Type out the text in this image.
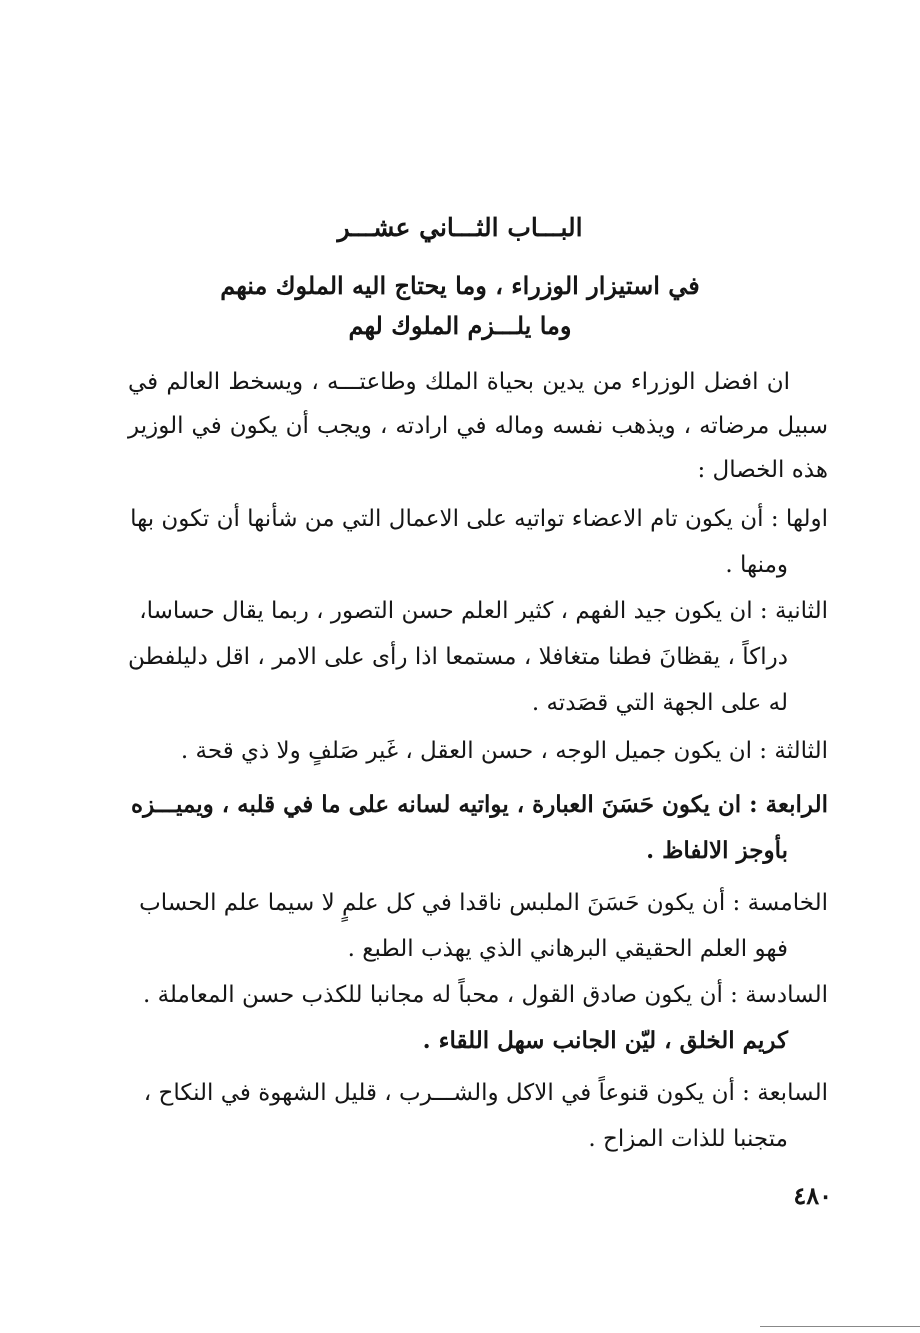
البـــاب الثـــاني عشـــر
في استيزار الوزراء ، وما يحتاج اليه الملوك منهم
وما يلـــزم الملوك لهم
ان افضل الوزراء من يدين بحياة الملك وطاعتـــه ، ويسخط العالم في سبيل مرضاته ، ويذهب نفسه وماله في ارادته ، ويجب أن يكون في الوزير هذه الخصال :
اولها : أن يكون تام الاعضاء تواتيه على الاعمال التي من شأنها أن تكون بها
ومنها .
الثانية : ان يكون جيد الفهم ، كثير العلم حسن التصور ، ربما يقال حساسا،
دراكاً ، يقظانَ فطنا متغافلا ، مستمعا اذا رأى على الامر ، اقل دليلفطن له على الجهة التي قصَدته .
الثالثة : ان يكون جميل الوجه ، حسن العقل ، غَير صَلفٍ ولا ذي قحة .
الرابعة : ان يكون حَسَنَ العبارة ، يواتيه لسانه على ما في قلبه ، ويميـــزه
بأوجز الالفاظ .
الخامسة : أن يكون حَسَنَ الملبس ناقدا في كل علمٍ لا سيما علم الحساب
فهو العلم الحقيقي البرهاني الذي يهذب الطبع .
السادسة : أن يكون صادق القول ، محباً له مجانبا للكذب حسن المعاملة .
كريم الخلق ، ليّن الجانب سهل اللقاء .
السابعة : أن يكون قنوعاً في الاكل والشـــرب ، قليل الشهوة في النكاح ،
متجنبا للذات المزاح .
٤٨٠
